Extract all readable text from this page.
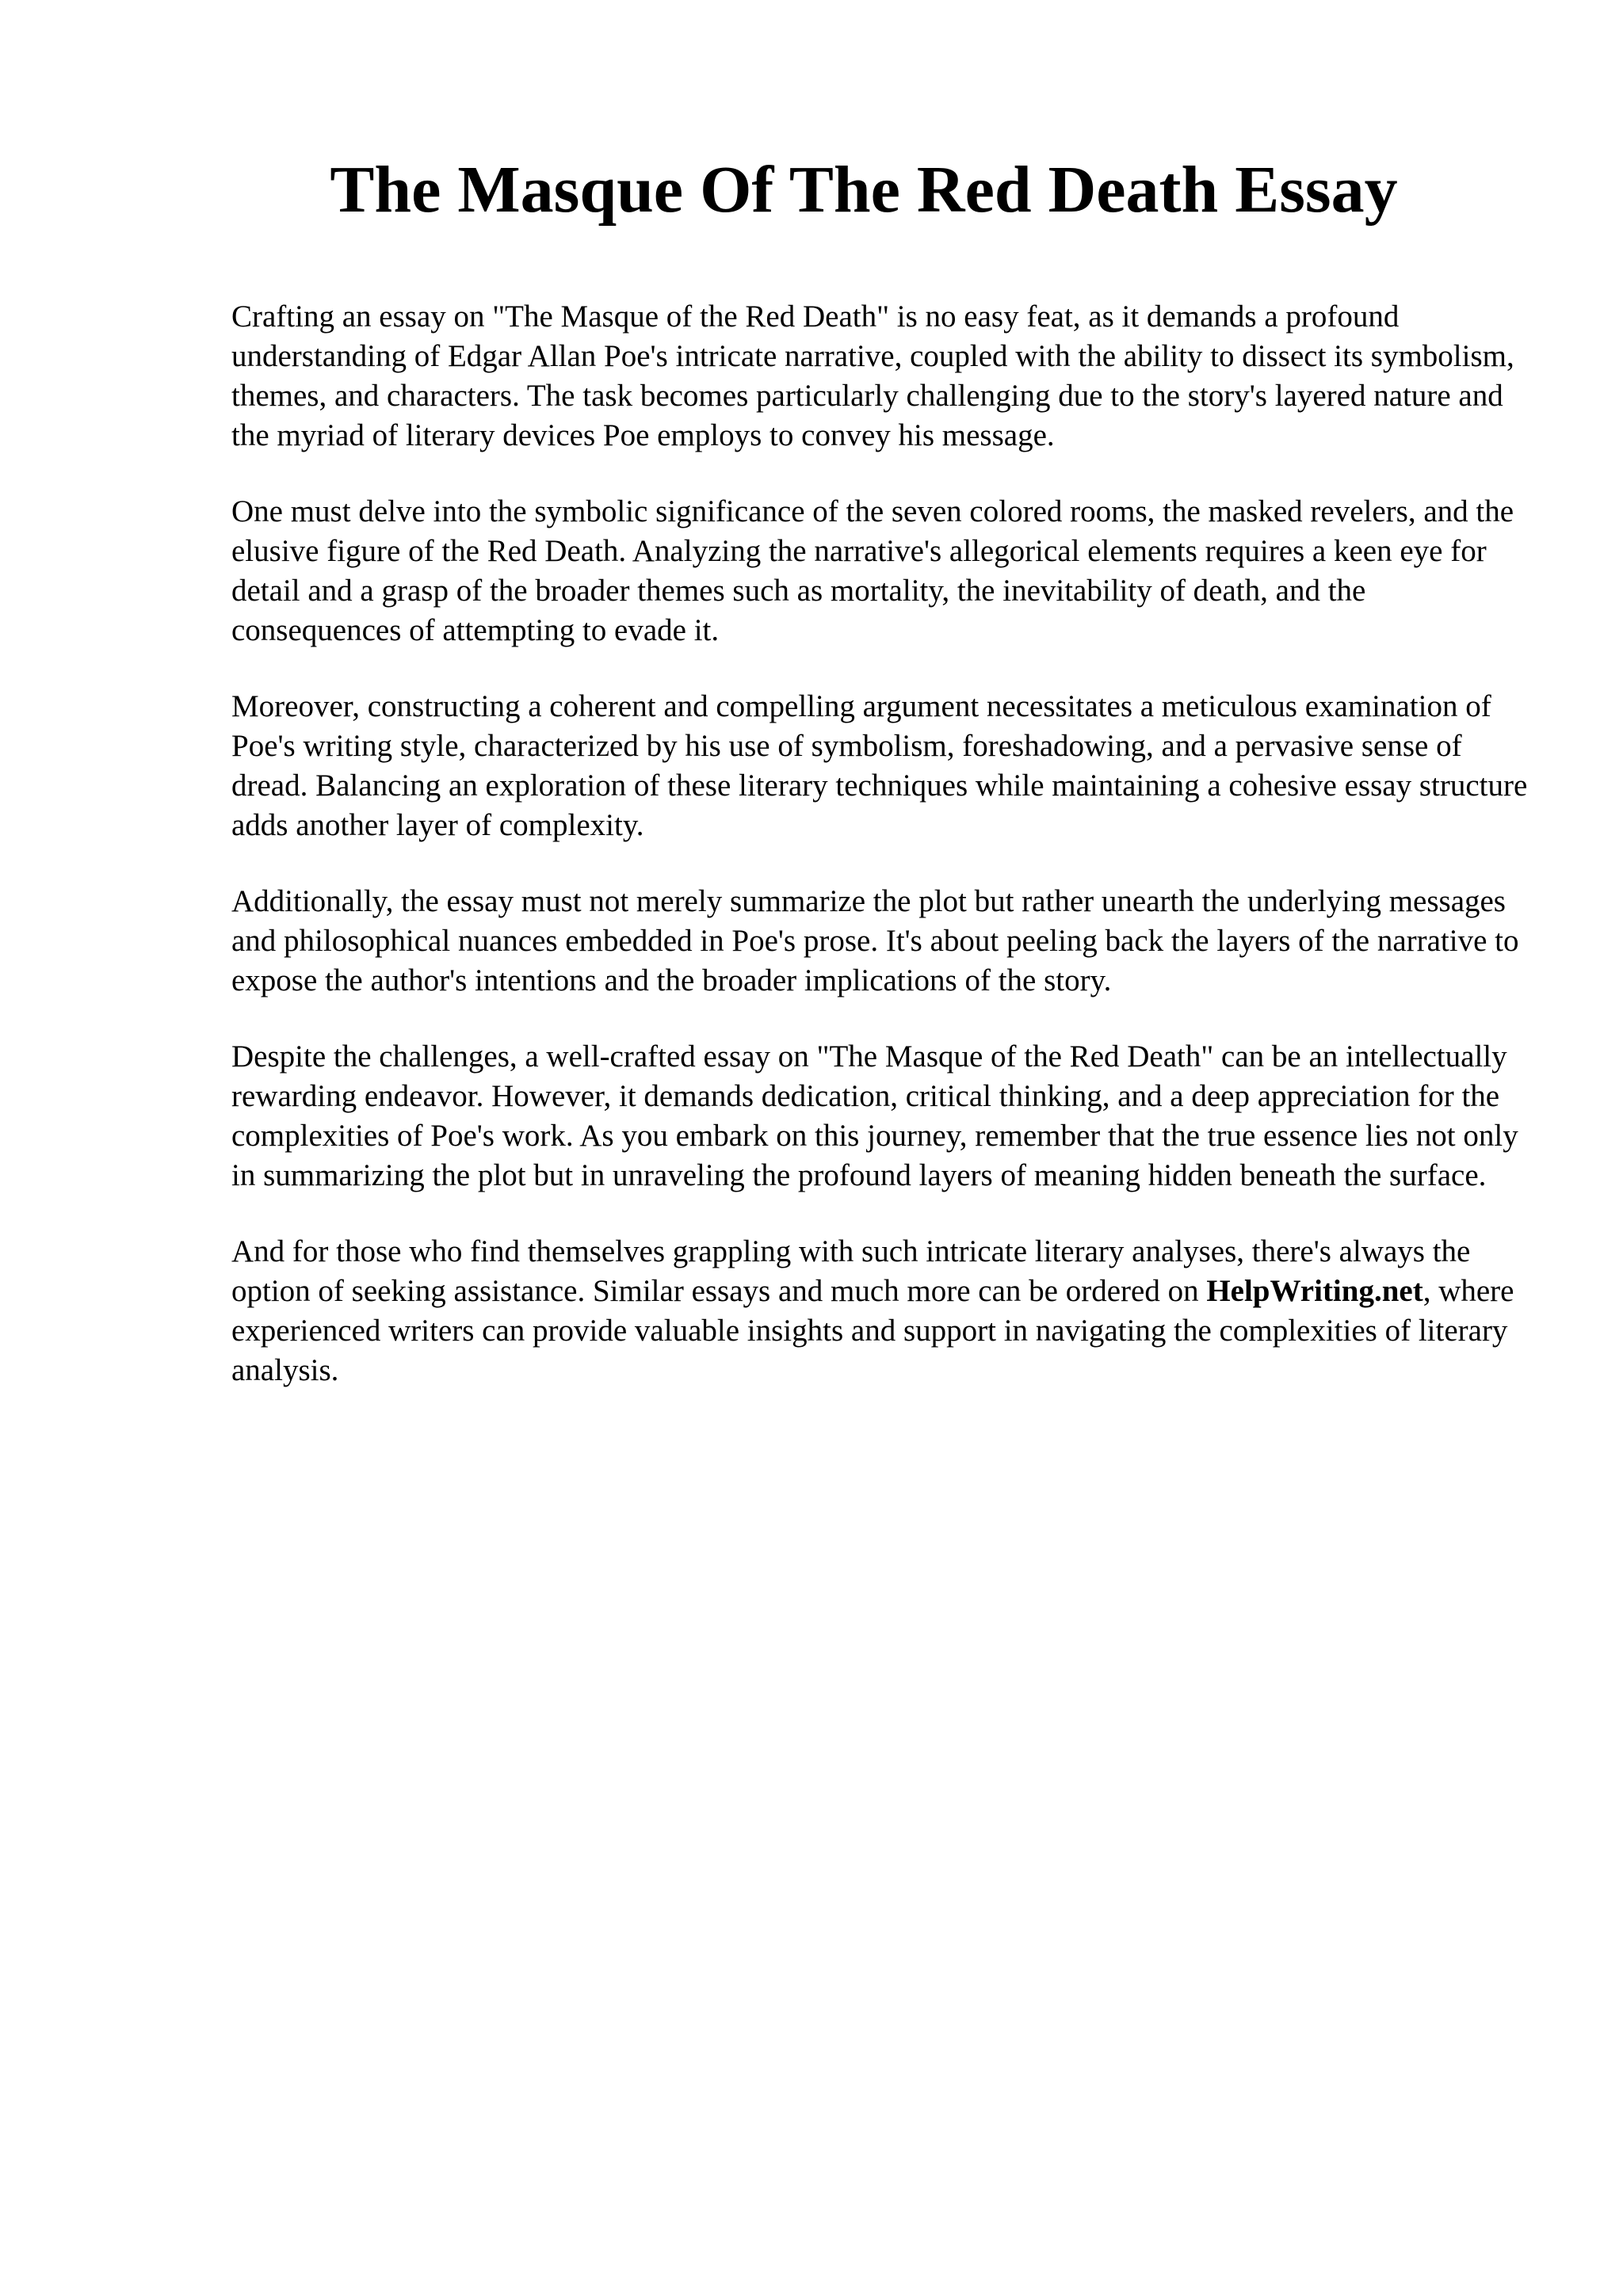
The Masque Of The Red Death Essay

Crafting an essay on "The Masque of the Red Death" is no easy feat, as it demands a profound understanding of Edgar Allan Poe's intricate narrative, coupled with the ability to dissect its symbolism, themes, and characters. The task becomes particularly challenging due to the story's layered nature and the myriad of literary devices Poe employs to convey his message.

One must delve into the symbolic significance of the seven colored rooms, the masked revelers, and the elusive figure of the Red Death. Analyzing the narrative's allegorical elements requires a keen eye for detail and a grasp of the broader themes such as mortality, the inevitability of death, and the consequences of attempting to evade it.

Moreover, constructing a coherent and compelling argument necessitates a meticulous examination of Poe's writing style, characterized by his use of symbolism, foreshadowing, and a pervasive sense of dread. Balancing an exploration of these literary techniques while maintaining a cohesive essay structure adds another layer of complexity.

Additionally, the essay must not merely summarize the plot but rather unearth the underlying messages and philosophical nuances embedded in Poe's prose. It's about peeling back the layers of the narrative to expose the author's intentions and the broader implications of the story.

Despite the challenges, a well-crafted essay on "The Masque of the Red Death" can be an intellectually rewarding endeavor. However, it demands dedication, critical thinking, and a deep appreciation for the complexities of Poe's work. As you embark on this journey, remember that the true essence lies not only in summarizing the plot but in unraveling the profound layers of meaning hidden beneath the surface.

And for those who find themselves grappling with such intricate literary analyses, there's always the option of seeking assistance. Similar essays and much more can be ordered on HelpWriting.net, where experienced writers can provide valuable insights and support in navigating the complexities of literary analysis.
